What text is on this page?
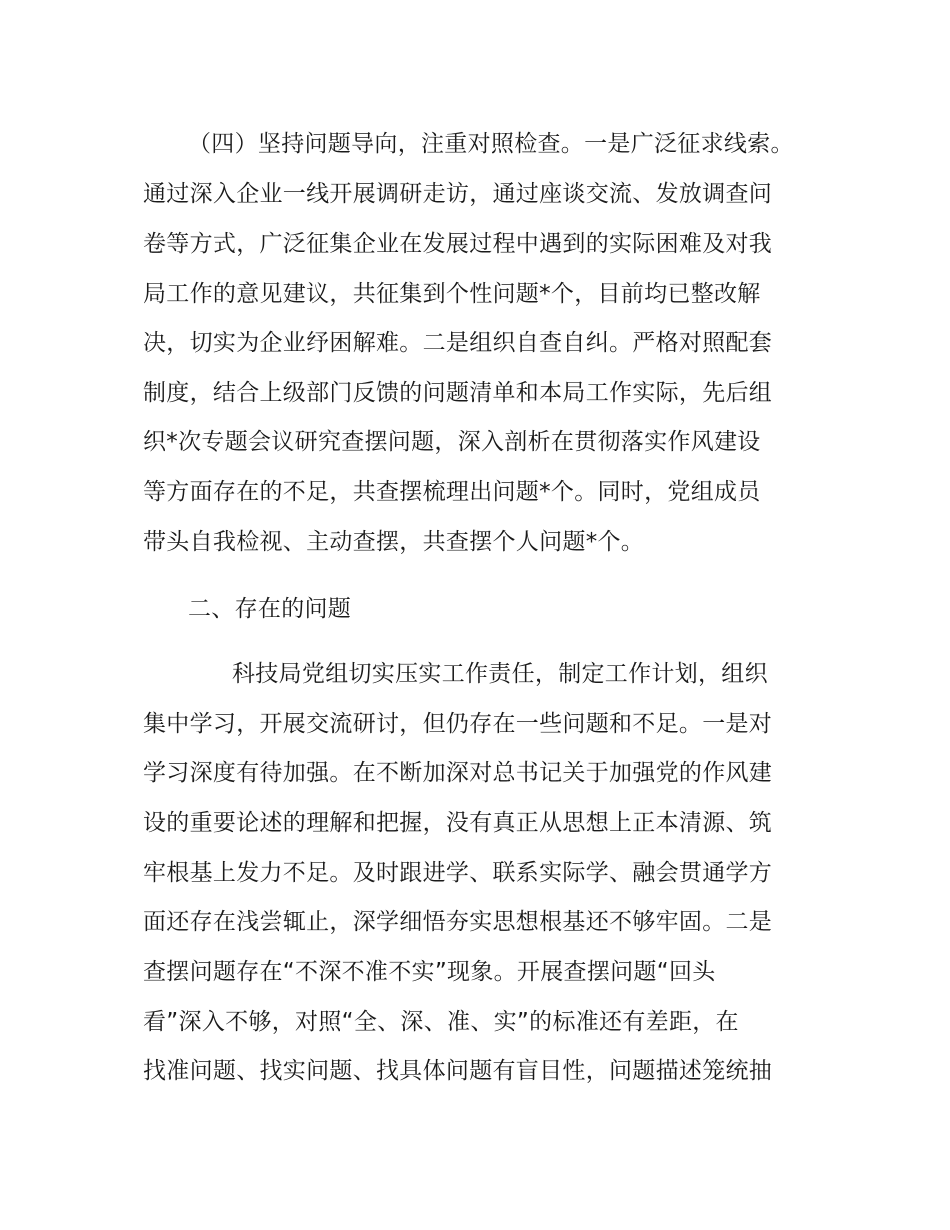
（四）坚持问题导向，注重对照检查。一是广泛征求线索。
通过深入企业一线开展调研走访，通过座谈交流、发放调查问
卷等方式，广泛征集企业在发展过程中遇到的实际困难及对我
局工作的意见建议，共征集到个性问题*个，目前均已整改解
决，切实为企业纾困解难。二是组织自查自纠。严格对照配套
制度，结合上级部门反馈的问题清单和本局工作实际，先后组
织*次专题会议研究查摆问题，深入剖析在贯彻落实作风建设
等方面存在的不足，共查摆梳理出问题*个。同时，党组成员
带头自我检视、主动查摆，共查摆个人问题*个。
二、存在的问题
科技局党组切实压实工作责任，制定工作计划，组织
集中学习，开展交流研讨，但仍存在一些问题和不足。一是对
学习深度有待加强。在不断加深对总书记关于加强党的作风建
设的重要论述的理解和把握，没有真正从思想上正本清源、筑
牢根基上发力不足。及时跟进学、联系实际学、融会贯通学方
面还存在浅尝辄止，深学细悟夯实思想根基还不够牢固。二是
查摆问题存在“不深不准不实”现象。开展查摆问题“回头
看”深入不够，对照“全、深、准、实”的标准还有差距，在
找准问题、找实问题、找具体问题有盲目性，问题描述笼统抽
